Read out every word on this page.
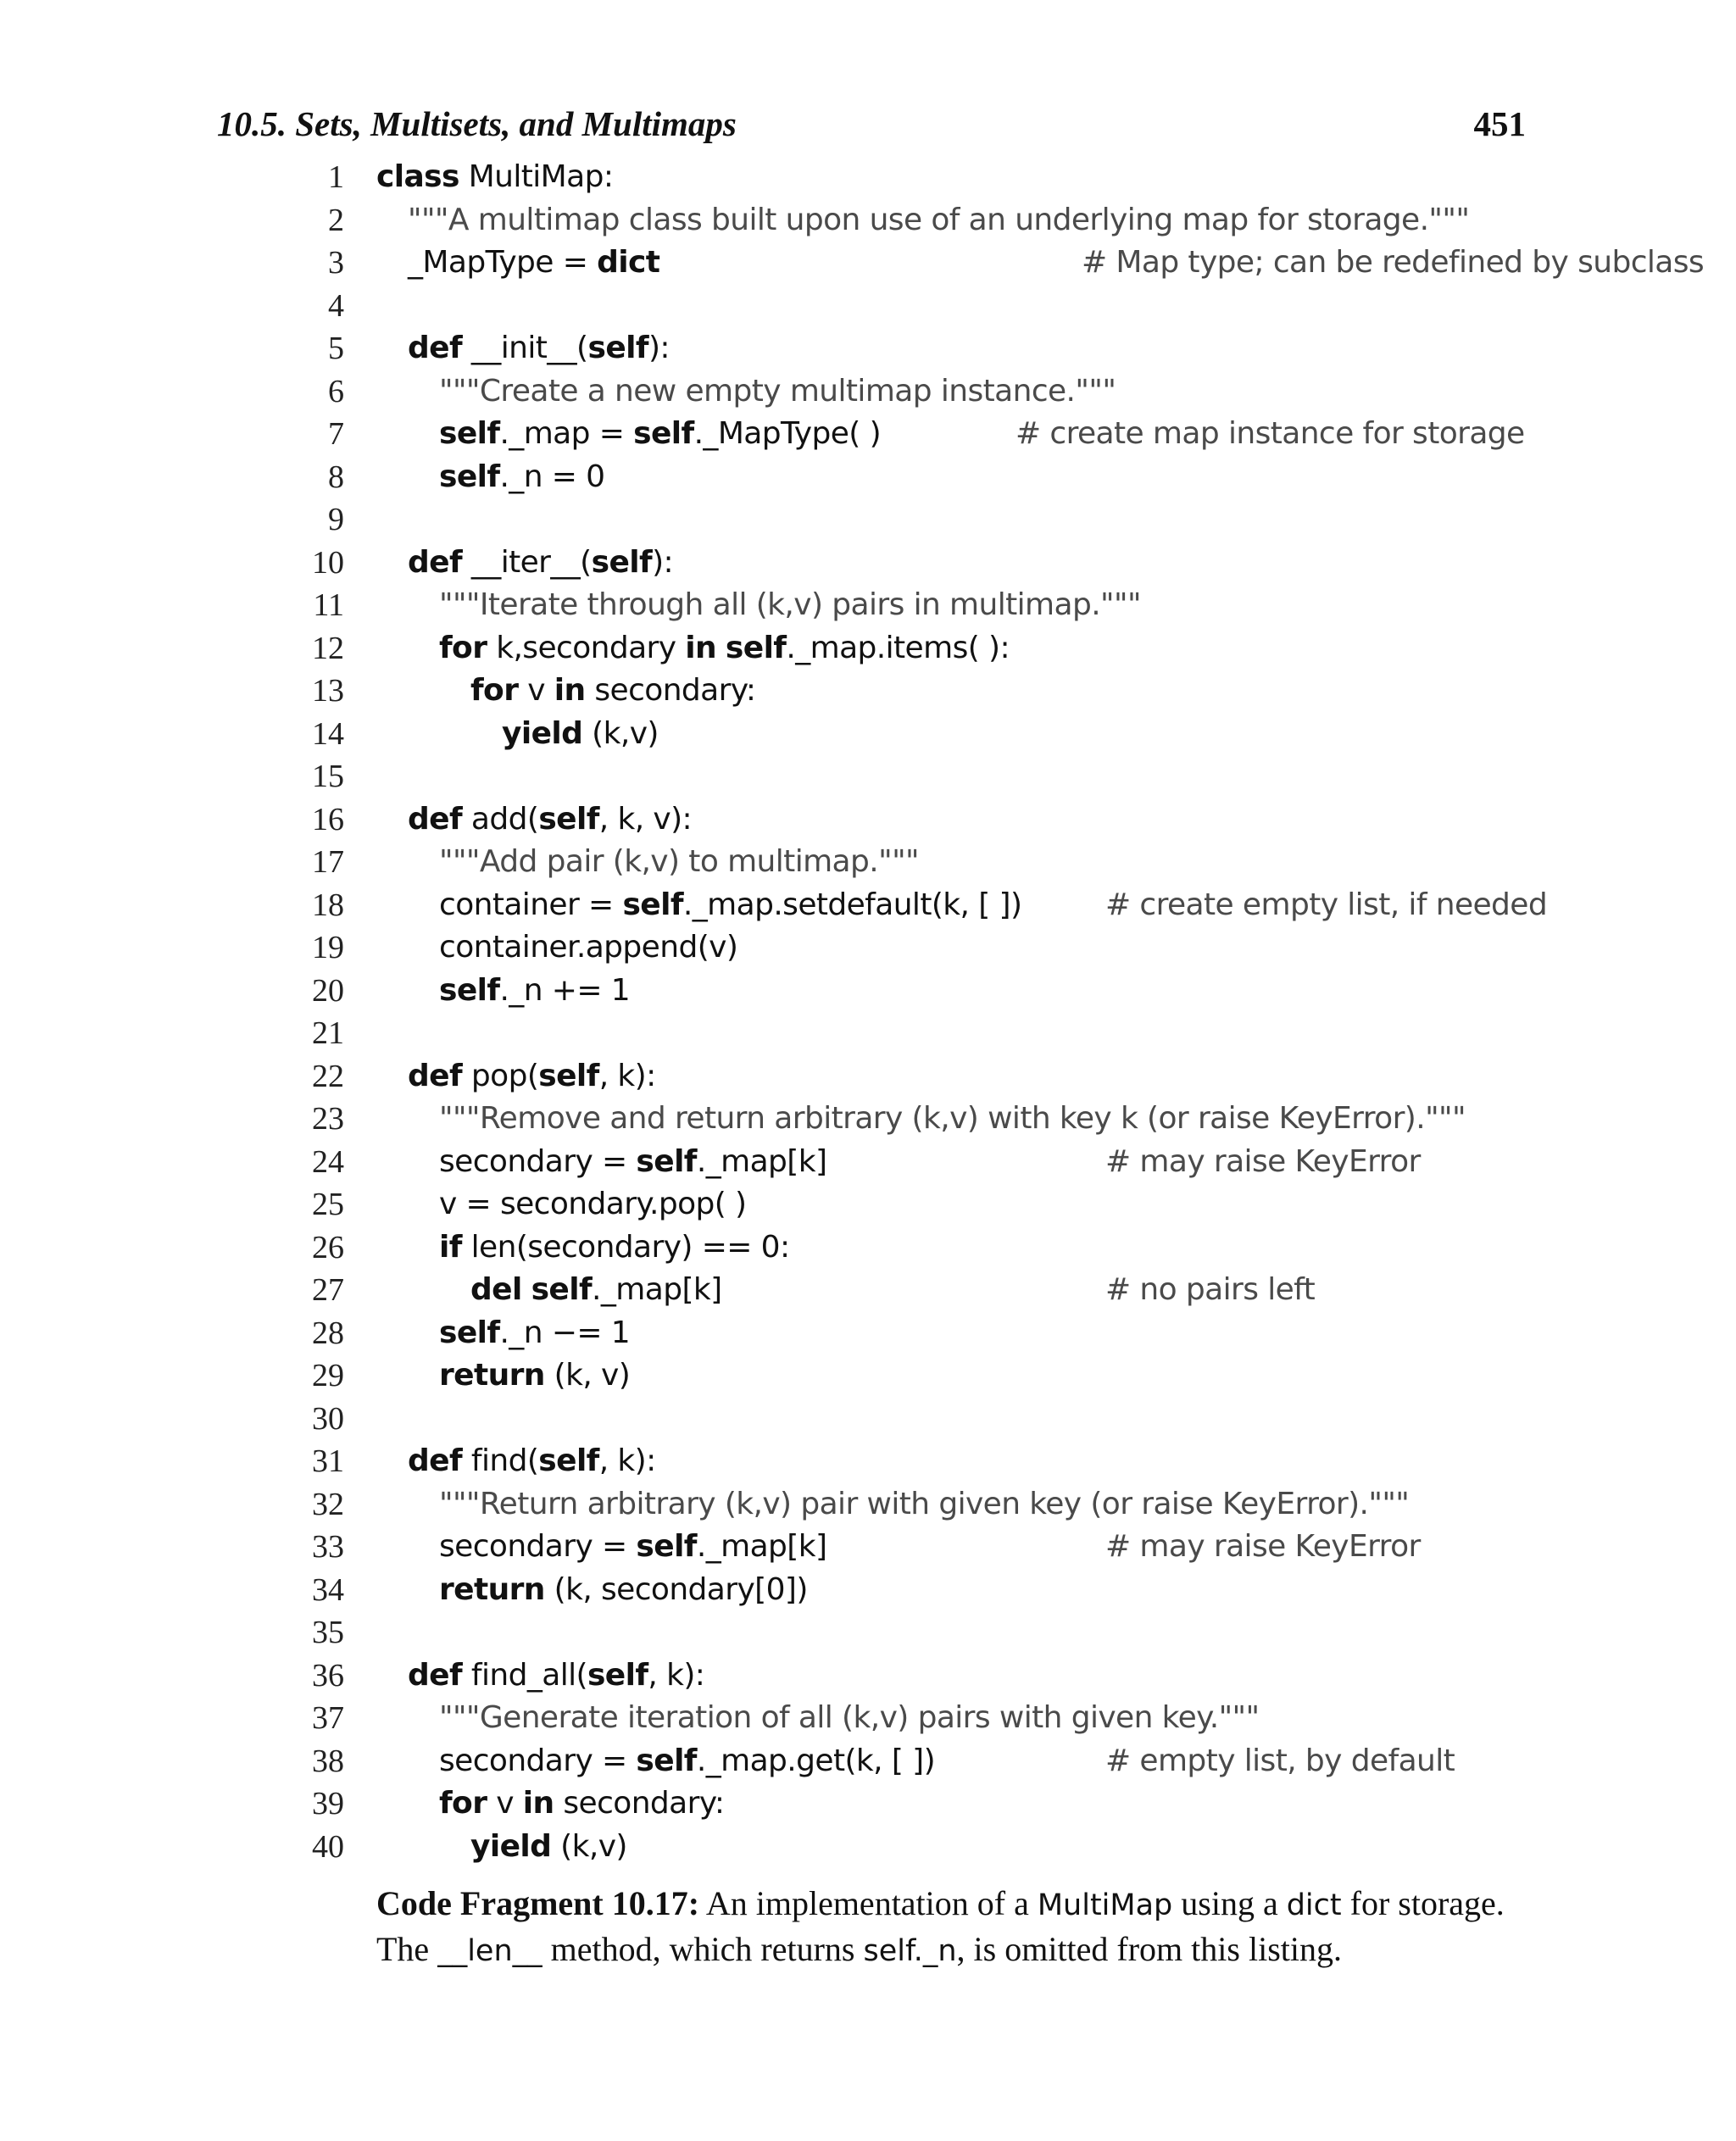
10.5. Sets, Multisets, and Multimaps	451
1 class MultiMap:
2 """A multimap class built upon use of an underlying map for storage."""
3 _MapType = dict	# Map type; can be redefined by subclass
4
5 def __init__(self):
6	"""Create a new empty multimap instance."""
7	self._map = self._MapType( )	# create map instance for storage
8	self._n = 0
9
10 def __iter__(self):
11	"""Iterate through all (k,v) pairs in multimap."""
12	for k,secondary in self._map.items( ):
13	for v in secondary:
14	yield (k,v)
15
16 def add(self, k, v):
17	"""Add pair (k,v) to multimap."""
18	container = self._map.setdefault(k, [ ])	# create empty list, if needed
19	container.append(v)
20	self._n += 1
21
22 def pop(self, k):
23	"""Remove and return arbitrary (k,v) with key k (or raise KeyError)."""
24	secondary = self._map[k]	# may raise KeyError
25	v = secondary.pop( )
26	if len(secondary) == 0:
27	del self._map[k]	# no pairs left
28	self._n −= 1
29	return (k, v)
30
31 def find(self, k):
32	"""Return arbitrary (k,v) pair with given key (or raise KeyError)."""
33	secondary = self._map[k]	# may raise KeyError
34	return (k, secondary[0])
35
36 def find_all(self, k):
37	"""Generate iteration of all (k,v) pairs with given key."""
38	secondary = self._map.get(k, [ ])	# empty list, by default
39	for v in secondary:
40	yield (k,v)
Code Fragment 10.17: An implementation of a MultiMap using a dict for storage. The __len__ method, which returns self._n, is omitted from this listing.
